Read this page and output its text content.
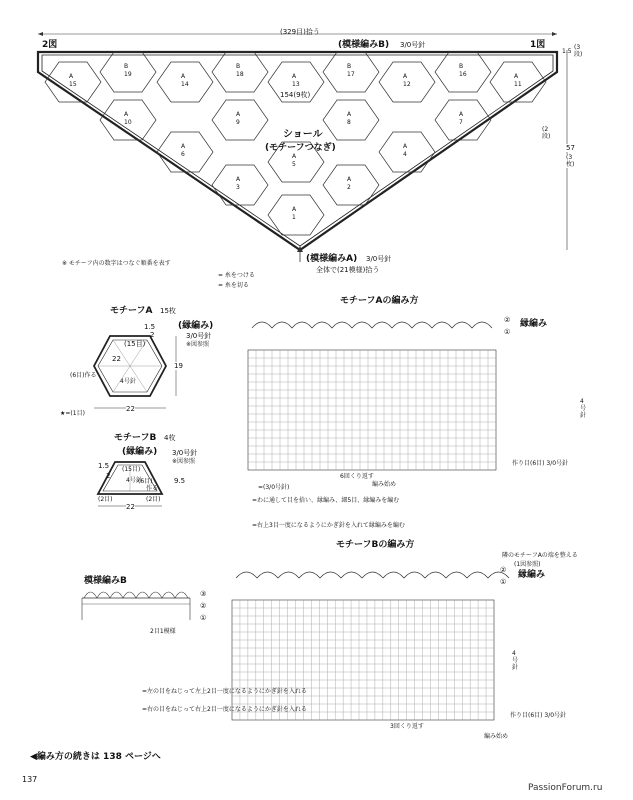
(329目)拾う
2図	1図
(模様編みB) 3/0号針
154(9枚)
1.5
(3段)
57
(3枚)
(2段)
ショール
(モチーフつなぎ)
(模様編みA) 3/0号針
全体で(21模様)拾う
※ モチーフ内の数字はつなぐ順番を表す
= 糸をつける
= 糸を切る
A
15
B
19	A
14
B
18	A
13
B
17	A
12
B
16	A
11
A
10
A
9
A
8
A
7
A
6	A
5
A
4
A
3
A
2
A
1
モチーフA 15枚
(縁編み)
3/0号針
※図参照
(15目)
1.5
2
22
19
(6目)作る
4号針
22
★=(1目)
モチーフB 4枚
(縁編み) 3/0号針
※図参照
(15目)
1.5
2
9.5
4号針
作る
(6目)
(2目)	(2目)
22
モチーフAの編み方
縁編み
②
①
4号針
作り目(6目) 3/0号針
6回くり返す
編み始め
=(3/0号針)
=わに通して目を拾い、縁編み、細5目、縁編みを編む
=右上3目一度になるようにかぎ針を入れて縁編みを編む
モチーフBの編み方
隣のモチーフAの端を整える
(1図参照)
縁編み
②
①
4号針
作り目(6目) 3/0号針
3回くり返す
編み始め
模様編みB
③
②
①
2目1模様
=左の目をねじって左上2目一度になるようにかぎ針を入れる
=右の目をねじって右上2目一度になるようにかぎ針を入れる
◀編み方の続きは 138 ページへ
137
PassionForum.ru
